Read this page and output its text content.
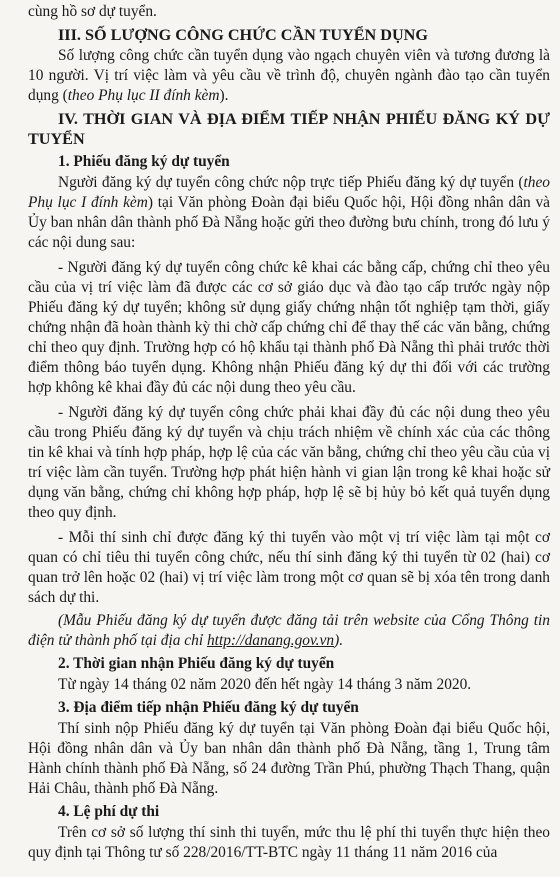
cùng hồ sơ dự tuyển.

III. SỐ LƯỢNG CÔNG CHỨC CẦN TUYỂN DỤNG

Số lượng công chức cần tuyển dụng vào ngạch chuyên viên và tương đương là 10 người. Vị trí việc làm và yêu cầu về trình độ, chuyên ngành đào tạo cần tuyển dụng (theo Phụ lục II đính kèm).

IV. THỜI GIAN VÀ ĐỊA ĐIỂM TIẾP NHẬN PHIẾU ĐĂNG KÝ DỰ TUYỂN

1. Phiếu đăng ký dự tuyển

Người đăng ký dự tuyển công chức nộp trực tiếp Phiếu đăng ký dự tuyển (theo Phụ lục I đính kèm) tại Văn phòng Đoàn đại biểu Quốc hội, Hội đồng nhân dân và Ủy ban nhân dân thành phố Đà Nẵng hoặc gửi theo đường bưu chính, trong đó lưu ý các nội dung sau:

- Người đăng ký dự tuyển công chức kê khai các bằng cấp, chứng chỉ theo yêu cầu của vị trí việc làm đã được các cơ sở giáo dục và đào tạo cấp trước ngày nộp Phiếu đăng ký dự tuyển; không sử dụng giấy chứng nhận tốt nghiệp tạm thời, giấy chứng nhận đã hoàn thành kỳ thi chờ cấp chứng chỉ để thay thế các văn bằng, chứng chỉ theo quy định. Trường hợp có hộ khẩu tại thành phố Đà Nẵng thì phải trước thời điểm thông báo tuyển dụng. Không nhận Phiếu đăng ký dự thi đối với các trường hợp không kê khai đầy đủ các nội dung theo yêu cầu.

- Người đăng ký dự tuyển công chức phải khai đầy đủ các nội dung theo yêu cầu trong Phiếu đăng ký dự tuyển và chịu trách nhiệm về chính xác của các thông tin kê khai và tính hợp pháp, hợp lệ của các văn bằng, chứng chỉ theo yêu cầu của vị trí việc làm cần tuyển. Trường hợp phát hiện hành vi gian lận trong kê khai hoặc sử dụng văn bằng, chứng chỉ không hợp pháp, hợp lệ sẽ bị hủy bỏ kết quả tuyển dụng theo quy định.

- Mỗi thí sinh chỉ được đăng ký thi tuyển vào một vị trí việc làm tại một cơ quan có chỉ tiêu thi tuyển công chức, nếu thí sinh đăng ký thi tuyển từ 02 (hai) cơ quan trở lên hoặc 02 (hai) vị trí việc làm trong một cơ quan sẽ bị xóa tên trong danh sách dự thi.

(Mẫu Phiếu đăng ký dự tuyển được đăng tải trên website của Cổng Thông tin điện tử thành phố tại địa chỉ http://danang.gov.vn).

2. Thời gian nhận Phiếu đăng ký dự tuyển

Từ ngày 14 tháng 02 năm 2020 đến hết ngày 14 tháng 3 năm 2020.

3. Địa điểm tiếp nhận Phiếu đăng ký dự tuyển

Thí sinh nộp Phiếu đăng ký dự tuyển tại Văn phòng Đoàn đại biểu Quốc hội, Hội đồng nhân dân và Ủy ban nhân dân thành phố Đà Nẵng, tầng 1, Trung tâm Hành chính thành phố Đà Nẵng, số 24 đường Trần Phú, phường Thạch Thang, quận Hải Châu, thành phố Đà Nẵng.

4. Lệ phí dự thi

Trên cơ sở số lượng thí sinh thi tuyển, mức thu lệ phí thi tuyển thực hiện theo quy định tại Thông tư số 228/2016/TT-BTC ngày 11 tháng 11 năm 2016 của
